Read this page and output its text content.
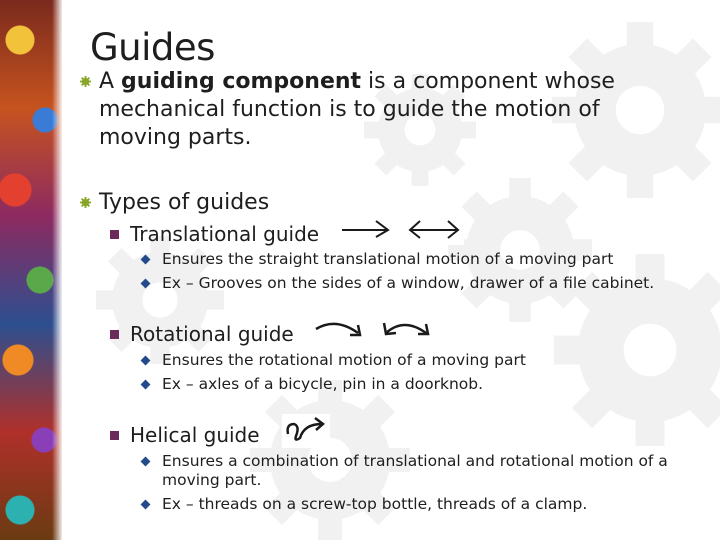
Guides
A guiding component is a component whose mechanical function is to guide the motion of moving parts.
Types of guides
Translational guide
Ensures the straight translational motion of a moving part
Ex – Grooves on the sides of a window, drawer of a file cabinet.
Rotational guide
Ensures the rotational motion of a moving part
Ex – axles of a bicycle, pin in a doorknob.
Helical guide
Ensures a combination of translational and rotational motion of a moving part.
Ex – threads on a screw-top bottle, threads of a clamp.
